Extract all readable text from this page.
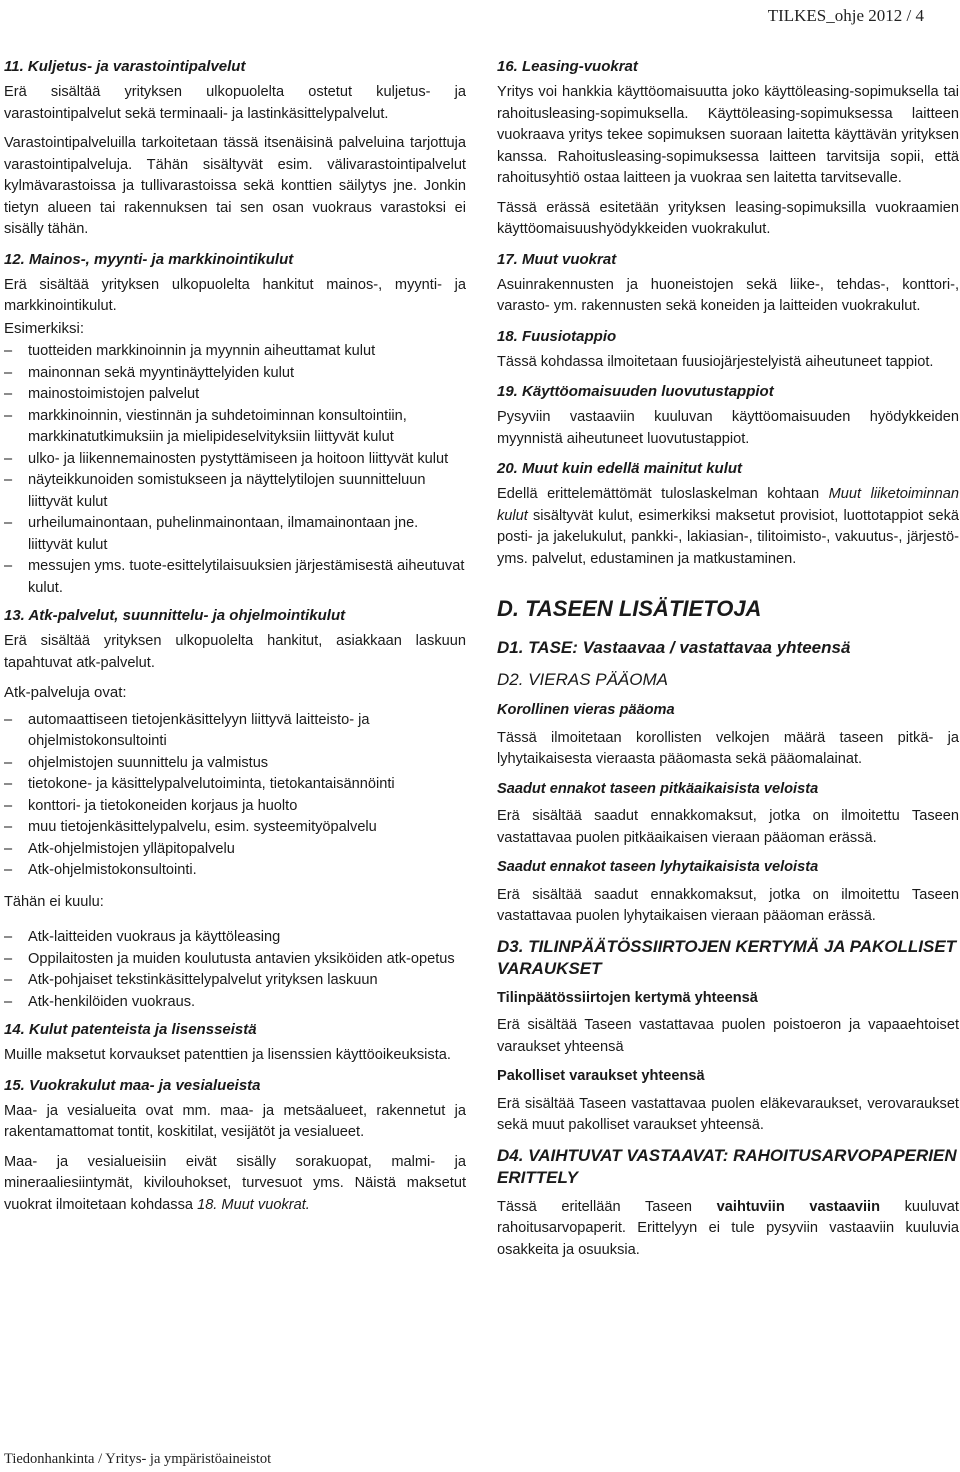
TILKES_ohje 2012 / 4
11. Kuljetus- ja varastointipalvelut

Erä sisältää yrityksen ulkopuolelta ostetut kuljetus- ja varastointipalvelut sekä terminaali- ja lastinkäsittelypalvelut.

Varastointipalveluilla tarkoitetaan tässä itsenäisinä palveluina tarjottuja varastointipalveluja. Tähän sisältyvät esim. välivarastointipalvelut kylmävarastoissa ja tullivarastoissa sekä konttien säilytys jne. Jonkin tietyn alueen tai rakennuksen tai sen osan vuokraus varastoksi ei sisälly tähän.

12. Mainos-, myynti- ja markkinointikulut

Erä sisältää yrityksen ulkopuolelta hankitut mainos-, myynti- ja markkinointikulut.

Esimerkiksi:
– tuotteiden markkinoinnin ja myynnin aiheuttamat kulut
– mainonnan sekä myyntinäyttelyiden kulut
– mainostoimistojen palvelut
– markkinoinnin, viestinnän ja suhdetoiminnan konsultointiin, markkinatutkimuksiin ja mielipideselvityksiin liittyvät kulut
– ulko- ja liikennemainosten pystyttämiseen ja hoitoon liittyvät kulut
– näyteikkunoiden somistukseen ja näyttelytilojen suunnitteluun liittyvät kulut
– urheilumainontaan, puhelinmainontaan, ilmamainontaan jne. liittyvät kulut
– messujen yms. tuote-esittelytilaisuuksien järjestämisestä aiheutuvat kulut.
13. Atk-palvelut, suunnittelu- ja ohjelmointikulut

Erä sisältää yrityksen ulkopuolelta hankitut, asiakkaan laskuun tapahtuvat atk-palvelut.

Atk-palveluja ovat:
– automaattiseen tietojenkäsittelyyn liittyvä laitteisto- ja ohjelmistokonsultointi
– ohjelmistojen suunnittelu ja valmistus
– tietokone- ja käsittelypalvelutoiminta, tietokantaisännöinti
– konttori- ja tietokoneiden korjaus ja huolto
– muu tietojenkäsittelypalvelu, esim. systeemityöpalvelu
– Atk-ohjelmistojen ylläpitopalvelu
– Atk-ohjelmistokonsultointi.
Tähän ei kuulu:
– Atk-laitteiden vuokraus ja käyttöleasing
– Oppilaitosten ja muiden koulutusta antavien yksiköiden atk-opetus
– Atk-pohjaiset tekstinkäsittelypalvelut yrityksen laskuun
– Atk-henkilöiden vuokraus.
14. Kulut patenteista ja lisensseistä

Muille maksetut korvaukset patenttien ja lisenssien käyttöoikeuksista.

15. Vuokrakulut maa- ja vesialueista

Maa- ja vesialueita ovat mm. maa- ja metsäalueet, rakennetut ja rakentamattomat tontit, koskitilat, vesijätöt ja vesialueet.

Maa- ja vesialueisiin eivät sisälly sorakuopat, malmi- ja mineraaliesiintymät, kivilouhokset, turvesuot yms. Näistä maksetut vuokrat ilmoitetaan kohdassa 18. Muut vuokrat.

16. Leasing-vuokrat

Yritys voi hankkia käyttöomaisuutta joko käyttöleasing-sopimuksella tai rahoitusleasing-sopimuksella. Käyttöleasing-sopimuksessa laitteen vuokraava yritys tekee sopimuksen suoraan laitetta käyttävän yrityksen kanssa. Rahoitusleasing-sopimuksessa laitteen tarvitsija sopii, että rahoitusyhtiö ostaa laitteen ja vuokraa sen laitetta tarvitsevalle.

Tässä erässä esitetään yrityksen leasing-sopimuksilla vuokraamien käyttöomaisuushyödykkeiden vuokrakulut.

17. Muut vuokrat

Asuinrakennusten ja huoneistojen sekä liike-, tehdas-, konttori-, varasto- ym. rakennusten sekä koneiden ja laitteiden vuokrakulut.

18. Fuusiotappio

Tässä kohdassa ilmoitetaan fuusiojärjestelyistä aiheutuneet tappiot.

19. Käyttöomaisuuden luovutustappiot

Pysyviin vastaaviin kuuluvan käyttöomaisuuden hyödykkeiden myynnistä aiheutuneet luovutustappiot.

20. Muut kuin edellä mainitut kulut

Edellä erittelemättömät tuloslaskelman kohtaan Muut liiketoiminnan kulut sisältyvät kulut, esimerkiksi maksetut provisiot, luottotappiot sekä posti- ja jakelukulut, pankki-, lakiasian-, tilitoimisto-, vakuutus-, järjestö- yms. palvelut, edustaminen ja matkustaminen.

D. TASEEN LISÄTIETOJA
D1. TASE: Vastaavaa / vastattavaa yhteensä
D2. VIERAS PÄÄOMA
Korollinen vieras pääoma

Tässä ilmoitetaan korollisten velkojen määrä taseen pitkä- ja lyhytaikaisesta vieraasta pääomasta sekä pääomalainat.

Saadut ennakot taseen pitkäaikaisista veloista

Erä sisältää saadut ennakkomaksut, jotka on ilmoitettu Taseen vastattavaa puolen pitkäaikaisen vieraan pääoman erässä.

Saadut ennakot taseen lyhytaikaisista veloista

Erä sisältää saadut ennakkomaksut, jotka on ilmoitettu Taseen vastattavaa puolen lyhytaikaisen vieraan pääoman erässä.

D3. TILINPÄÄTÖSSIIRTOJEN KERTYMÄ JA PAKOLLISET VARAUKSET
Tilinpäätössiirtojen kertymä yhteensä

Erä sisältää Taseen vastattavaa puolen poistoeron ja vapaaehtoiset varaukset yhteensä

Pakolliset varaukset yhteensä

Erä sisältää Taseen vastattavaa puolen eläkevaraukset, verovaraukset sekä muut pakolliset varaukset yhteensä.

D4. VAIHTUVAT VASTAAVAT: RAHOITUSARVOPAPERIEN ERITTELY

Tässä eritellään Taseen vaihtuviin vastaaviin kuuluvat rahoitusarvopaperit. Erittelyyn ei tule pysyviin vastaaviin kuuluvia osakkeita ja osuuksia.

Tiedonhankinta / Yritys- ja ympäristöaineistot
